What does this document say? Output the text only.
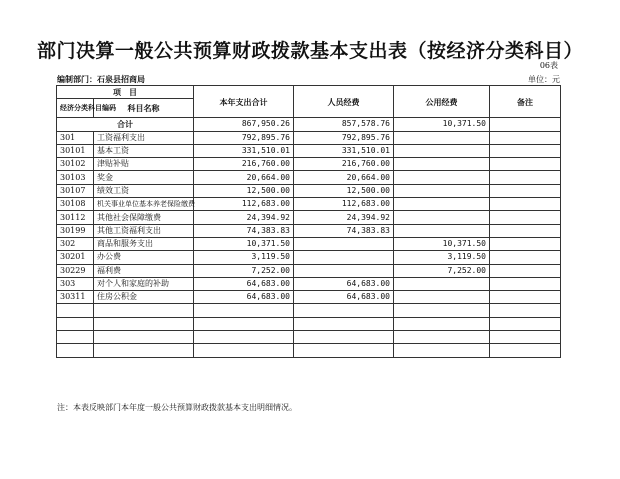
部门决算一般公共预算财政拨款基本支出表（按经济分类科目）
06表
编制部门：石泉县招商局	单位：元
项　目		本年支出合计	人员经费	公用经费	备注
经济分类科目编码	科目名称				
合计		867,950.26	857,578.76	10,371.50	
301	工资福利支出	792,895.76	792,895.76		
30101	基本工资	331,510.01	331,510.01		
30102	津贴补贴	216,760.00	216,760.00		
30103	奖金	20,664.00	20,664.00		
30107	绩效工资	12,500.00	12,500.00		
30108	机关事业单位基本养老保险缴费	112,683.00	112,683.00		
30112	其他社会保障缴费	24,394.92	24,394.92		
30199	其他工资福利支出	74,383.83	74,383.83		
302	商品和服务支出	10,371.50		10,371.50	
30201	办公费	3,119.50		3,119.50	
30229	福利费	7,252.00		7,252.00	
303	对个人和家庭的补助	64,683.00	64,683.00		
30311	住房公积金	64,683.00	64,683.00		

注：本表反映部门本年度一般公共预算财政拨款基本支出明细情况。
